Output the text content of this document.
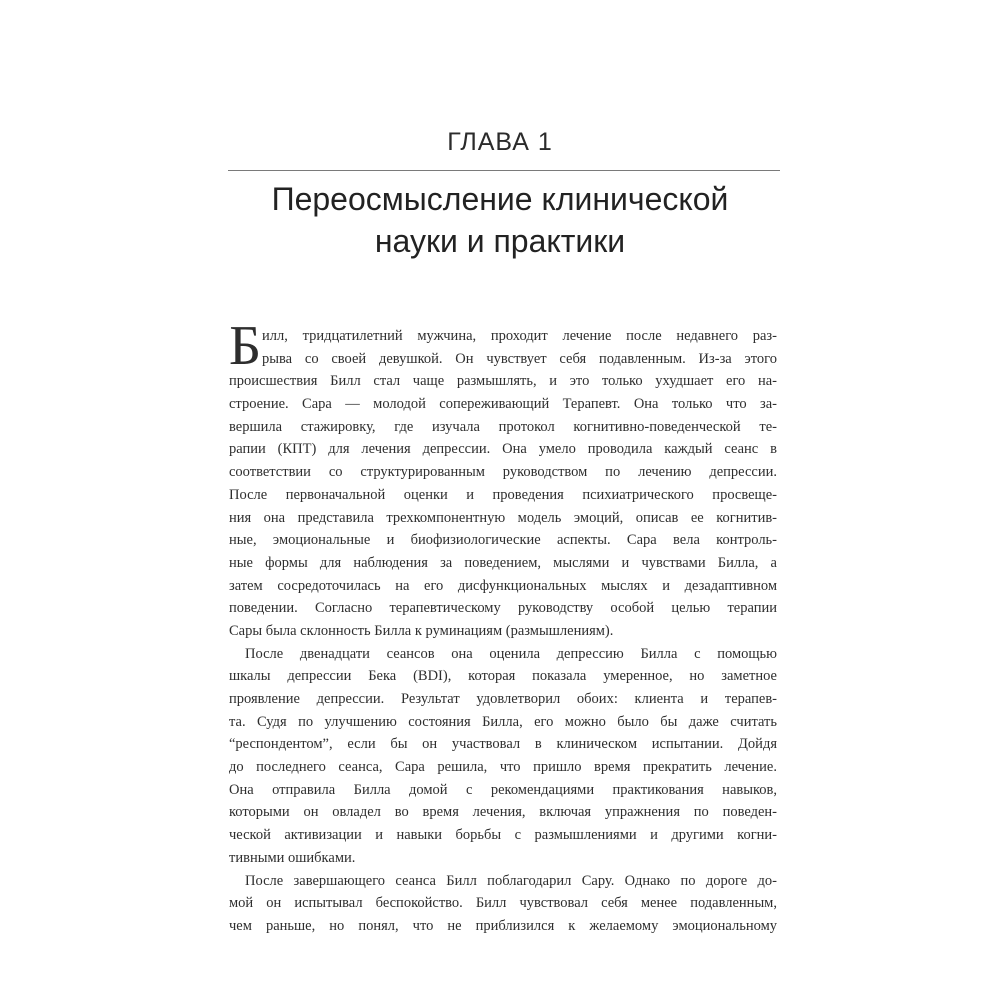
ГЛАВА 1
Переосмысление клинической
науки и практики
Б илл, тридцатилетний мужчина, проходит лечение после недавнего раз-
рыва со своей девушкой. Он чувствует себя подавленным. Из-за этого
происшествия Билл стал чаще размышлять, и это только ухудшает его на-
строение. Сара — молодой сопереживающий Терапевт. Она только что за-
вершила стажировку, где изучала протокол когнитивно-поведенческой те-
рапии (КПТ) для лечения депрессии. Она умело проводила каждый сеанс в
соответствии со структурированным руководством по лечению депрессии.
После первоначальной оценки и проведения психиатрического просвеще-
ния она представила трехкомпонентную модель эмоций, описав ее когнитив-
ные, эмоциональные и биофизиологические аспекты. Сара вела контроль-
ные формы для наблюдения за поведением, мыслями и чувствами Билла, а
затем сосредоточилась на его дисфункциональных мыслях и дезадаптивном
поведении. Согласно терапевтическому руководству особой целью терапии
Сары была склонность Билла к руминациям (размышлениям).
После двенадцати сеансов она оценила депрессию Билла с помощью
шкалы депрессии Бека (BDI), которая показала умеренное, но заметное
проявление депрессии. Результат удовлетворил обоих: клиента и терапев-
та. Судя по улучшению состояния Билла, его можно было бы даже считать
“респондентом”, если бы он участвовал в клиническом испытании. Дойдя
до последнего сеанса, Сара решила, что пришло время прекратить лечение.
Она отправила Билла домой с рекомендациями практикования навыков,
которыми он овладел во время лечения, включая упражнения по поведен-
ческой активизации и навыки борьбы с размышлениями и другими когни-
тивными ошибками.
После завершающего сеанса Билл поблагодарил Сару. Однако по дороге до-
мой он испытывал беспокойство. Билл чувствовал себя менее подавленным,
чем раньше, но понял, что не приблизился к желаемому эмоциональному
